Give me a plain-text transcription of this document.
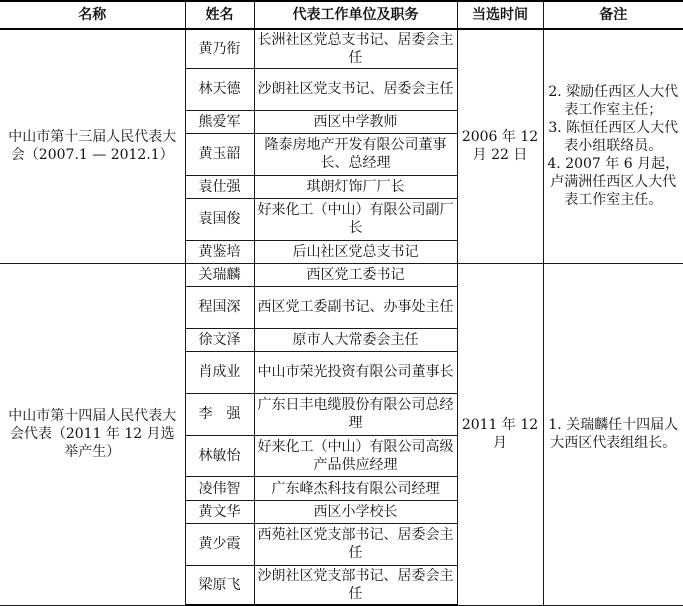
名称	姓名	代表工作单位及职务	当选时间	备注
中山市第十三届人民代表大会（2007.1 — 2012.1）	黄乃衔	长洲社区党总支书记、居委会主任	2006 年 12 月 22 日	2. 梁励任西区人大代表工作室主任；
3. 陈恒任西区人大代表小组联络员。
4. 2007 年 6 月起，卢满洲任西区人大代表工作室主任。

	林天德	沙朗社区党支书记、居委会主任		
	熊爱军	西区中学教师		
	黄玉韶	隆泰房地产开发有限公司董事长、总经理		
	袁仕强	琪朗灯饰厂厂长		
	袁国俊	好来化工（中山）有限公司副厂长		
	黄鉴培	后山社区党总支书记		
中山市第十四届人民代表大会代表（2011 年 12 月选举产生）	关瑞麟	西区党工委书记	2011 年 12 月	1. 关瑞麟任十四届人大西区代表组组长。

	程国深	西区党工委副书记、办事处主任		
	徐文泽	原市人大常委会主任		
	肖成业	中山市荣光投资有限公司董事长		
	李　强	广东日丰电缆股份有限公司总经理		
	林敏怡	好来化工（中山）有限公司高级产品供应经理		
	凌伟智	广东峰杰科技有限公司经理		
	黄文华	西区小学校长		
	黄少霞	西苑社区党支部书记、居委会主任		
	梁原飞	沙朗社区党支部书记、居委会主任		
